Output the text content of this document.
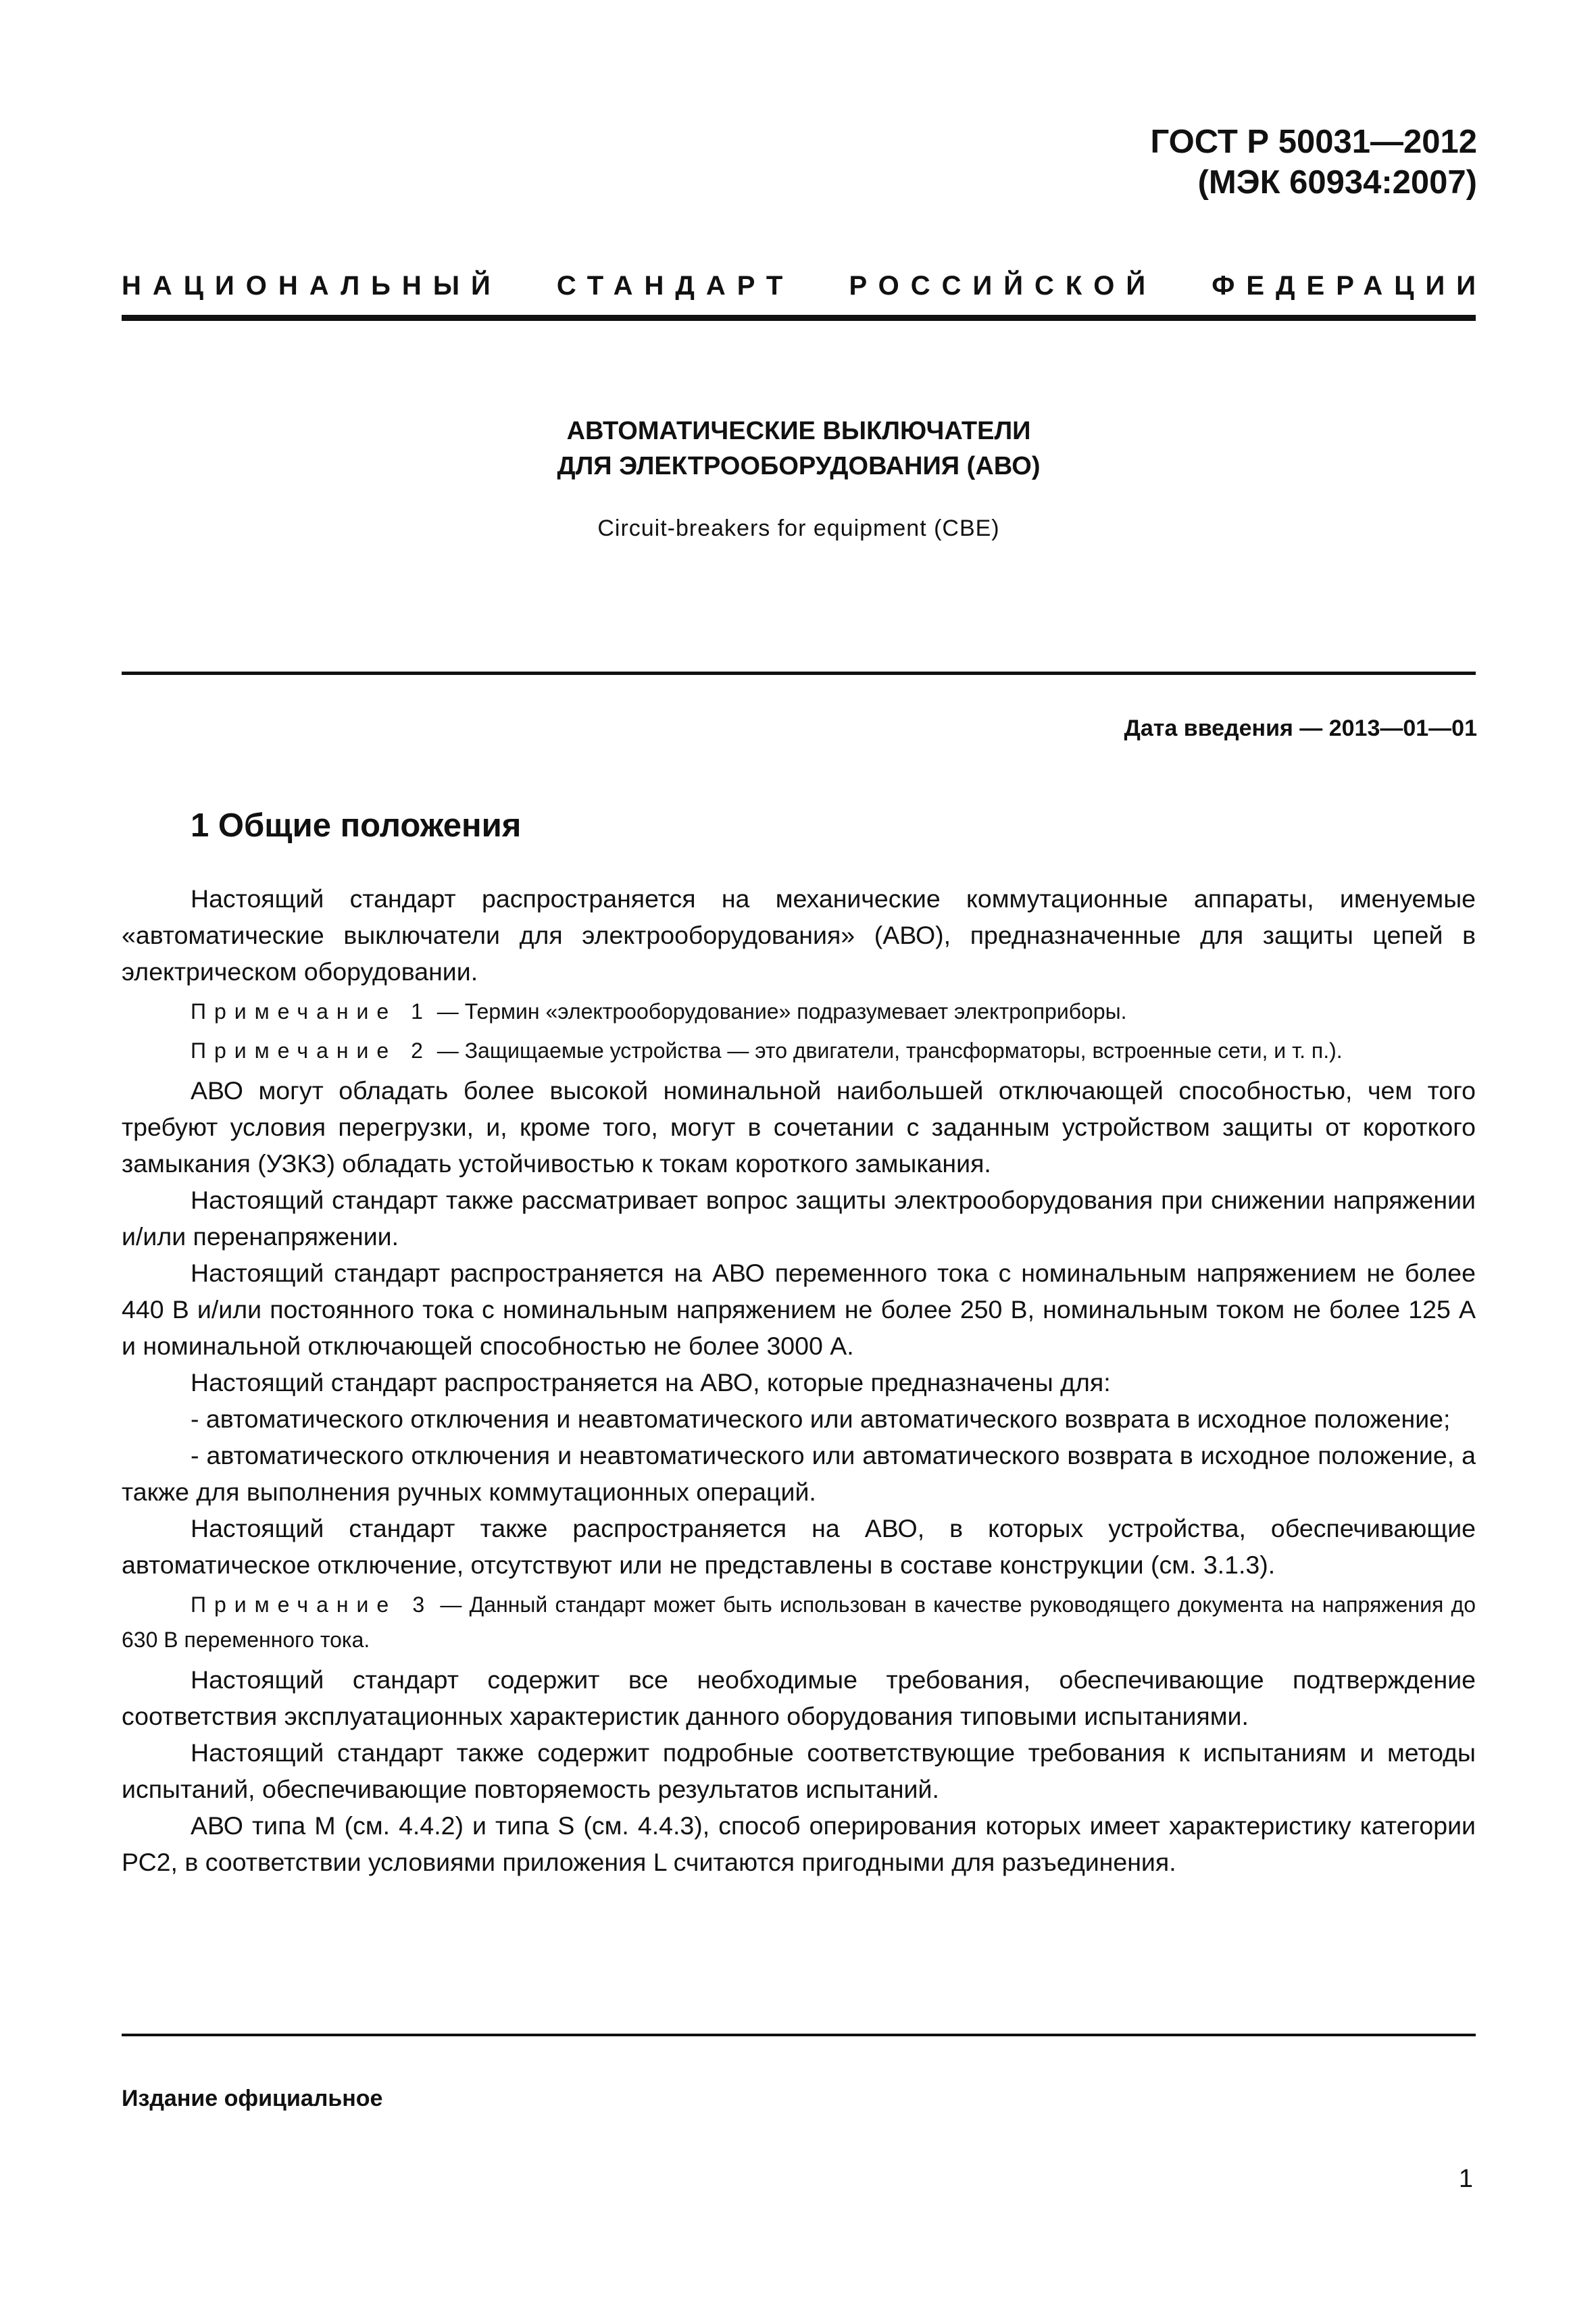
ГОСТ Р 50031—2012
(МЭК 60934:2007)
НАЦИОНАЛЬНЫЙ СТАНДАРТ РОССИЙСКОЙ ФЕДЕРАЦИИ
АВТОМАТИЧЕСКИЕ ВЫКЛЮЧАТЕЛИ
ДЛЯ ЭЛЕКТРООБОРУДОВАНИЯ (АВО)
Circuit-breakers for equipment (CBE)
Дата введения — 2013—01—01
1 Общие положения

Настоящий стандарт распространяется на механические коммутационные аппараты, именуемые «автоматические выключатели для электрооборудования» (АВО), предназначенные для защиты цепей в электрическом оборудовании.

Примечание 1 — Термин «электрооборудование» подразумевает электроприборы.

Примечание 2 — Защищаемые устройства — это двигатели, трансформаторы, встроенные сети, и т. п.).

АВО могут обладать более высокой номинальной наибольшей отключающей способностью, чем того требуют условия перегрузки, и, кроме того, могут в сочетании с заданным устройством защиты от короткого замыкания (УЗКЗ) обладать устойчивостью к токам короткого замыкания.

Настоящий стандарт также рассматривает вопрос защиты электрооборудования при снижении напряжении и/или перенапряжении.

Настоящий стандарт распространяется на АВО переменного тока с номинальным напряжением не более 440 В и/или постоянного тока с номинальным напряжением не более 250 В, номинальным током не более 125 А и номинальной отключающей способностью не более 3000 А.

Настоящий стандарт распространяется на АВО, которые предназначены для:

- автоматического отключения и неавтоматического или автоматического возврата в исходное положение;

- автоматического отключения и неавтоматического или автоматического возврата в исходное положение, а также для выполнения ручных коммутационных операций.

Настоящий стандарт также распространяется на АВО, в которых устройства, обеспечивающие автоматическое отключение, отсутствуют или не представлены в составе конструкции (см. 3.1.3).

Примечание 3 — Данный стандарт может быть использован в качестве руководящего документа на напряжения до 630 В переменного тока.

Настоящий стандарт содержит все необходимые требования, обеспечивающие подтверждение соответствия эксплуатационных характеристик данного оборудования типовыми испытаниями.

Настоящий стандарт также содержит подробные соответствующие требования к испытаниям и методы испытаний, обеспечивающие повторяемость результатов испытаний.

АВО типа М (см. 4.4.2) и типа S (см. 4.4.3), способ оперирования которых имеет характеристику категории РС2, в соответствии условиями приложения L считаются пригодными для разъединения.

Издание официальное
1
